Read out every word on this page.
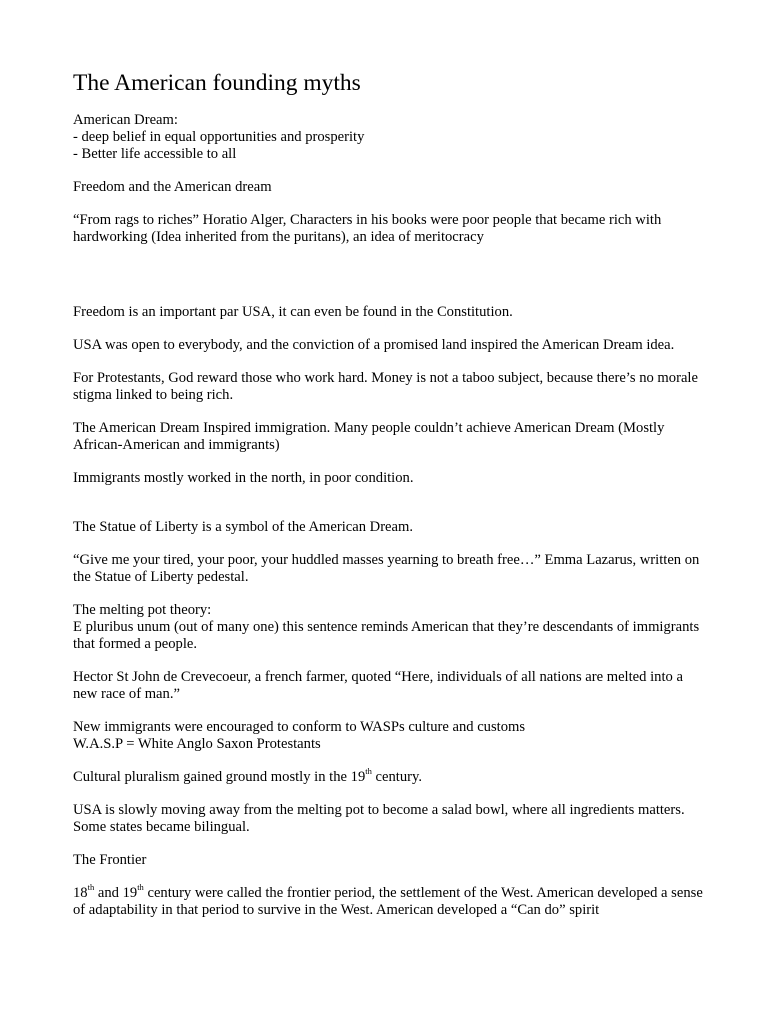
The American founding myths
American Dream:
- deep belief in equal opportunities and prosperity
- Better life accessible to all
Freedom and the American dream
“From rags to riches” Horatio Alger, Characters in his books were poor people that became rich with hardworking (Idea inherited from the puritans), an idea of meritocracy
Freedom is an important par USA, it can even be found in the Constitution.
USA was open to everybody, and the conviction of a promised land inspired the American Dream idea.
For Protestants, God reward those who work hard. Money is not a taboo subject, because there’s no morale stigma linked to being rich.
The American Dream Inspired immigration. Many people couldn’t achieve American Dream (Mostly African-American and immigrants)
Immigrants mostly worked in the north, in poor condition.
The Statue of Liberty is a symbol of the American Dream.
“Give me your tired, your poor, your huddled masses yearning to breath free…” Emma Lazarus, written on the Statue of Liberty pedestal.
The melting pot theory:
E pluribus unum (out of many one) this sentence reminds American that they’re descendants of immigrants that formed a people.
Hector St John de Crevecoeur, a french farmer, quoted “Here, individuals of all nations are melted into a new race of man.”
New immigrants were encouraged to conform to WASPs culture and customs
W.A.S.P = White Anglo Saxon Protestants
Cultural pluralism gained ground mostly in the 19th century.
USA is slowly moving away from the melting pot to become a salad bowl, where all ingredients matters. Some states became bilingual.
The Frontier
18th and 19th century were called the frontier period, the settlement of the West. American developed a sense of adaptability in that period to survive in the West. American developed a “Can do” spirit
